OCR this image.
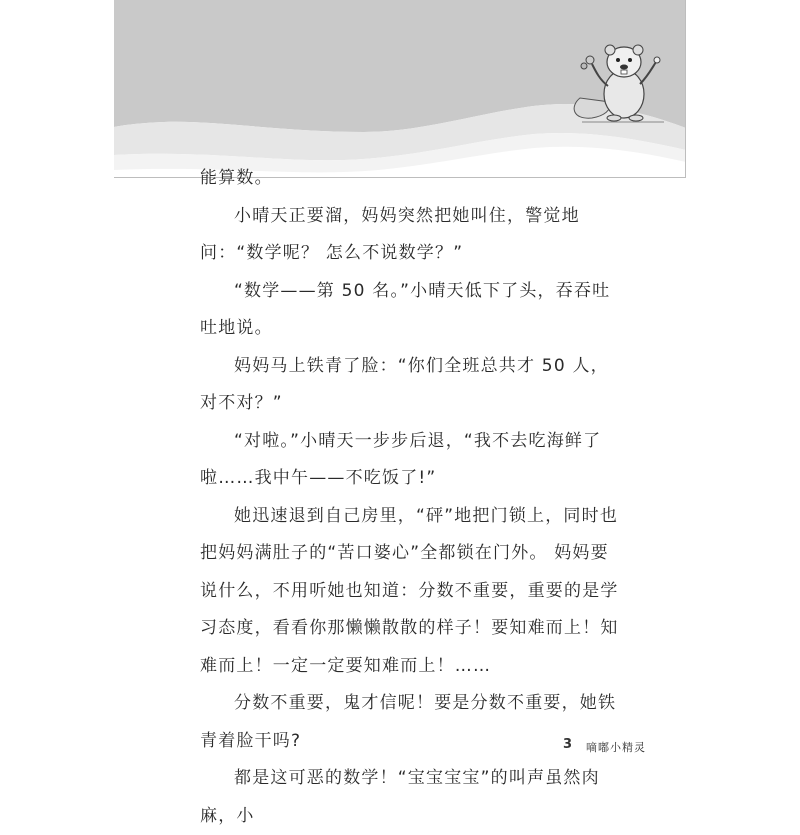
能算数。

小晴天正要溜，妈妈突然把她叫住，警觉地问：“数学呢？ 怎么不说数学？”

“数学——第 50 名。”小晴天低下了头，吞吞吐吐地说。

妈妈马上铁青了脸：“你们全班总共才 50 人，对不对？”

“对啦。”小晴天一步步后退，“我不去吃海鲜了啦……我中午——不吃饭了!”

她迅速退到自己房里，“砰”地把门锁上，同时也把妈妈满肚子的“苦口婆心”全都锁在门外。 妈妈要说什么，不用听她也知道：分数不重要，重要的是学习态度，看看你那懒懒散散的样子！要知难而上！知难而上！一定一定要知难而上！……

分数不重要，鬼才信呢！要是分数不重要，她铁青着脸干吗?

都是这可恶的数学！“宝宝宝宝”的叫声虽然肉麻，小

3 嘀嘟小精灵
